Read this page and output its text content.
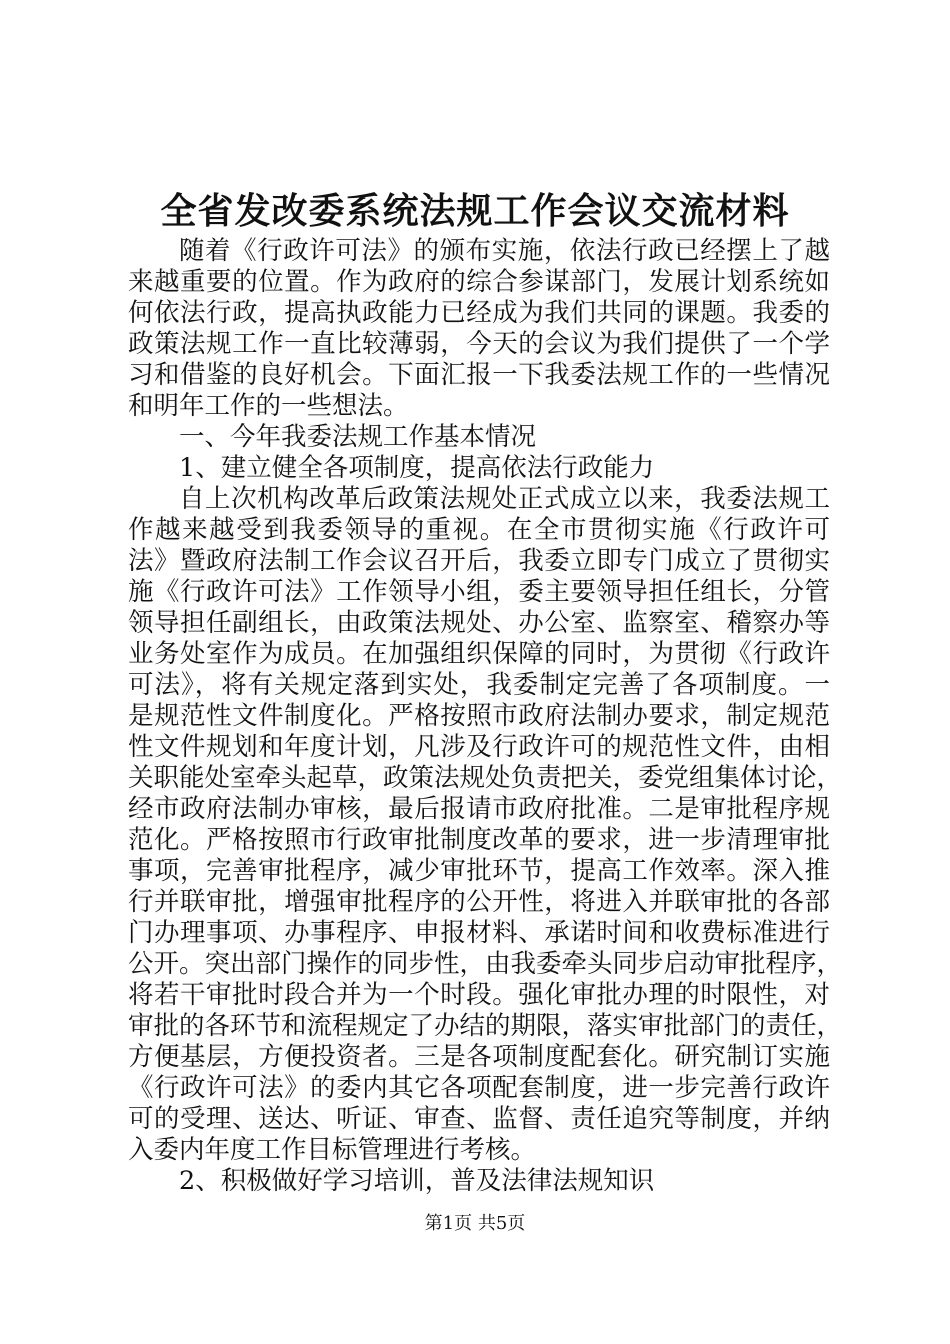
全省发改委系统法规工作会议交流材料
随着《行政许可法》的颁布实施，依法行政已经摆上了越
来越重要的位置。作为政府的综合参谋部门，发展计划系统如
何依法行政，提高执政能力已经成为我们共同的课题。我委的
政策法规工作一直比较薄弱，今天的会议为我们提供了一个学
习和借鉴的良好机会。下面汇报一下我委法规工作的一些情况
和明年工作的一些想法。
一、今年我委法规工作基本情况
1、建立健全各项制度，提高依法行政能力
自上次机构改革后政策法规处正式成立以来，我委法规工
作越来越受到我委领导的重视。在全市贯彻实施《行政许可
法》暨政府法制工作会议召开后，我委立即专门成立了贯彻实
施《行政许可法》工作领导小组，委主要领导担任组长，分管
领导担任副组长，由政策法规处、办公室、监察室、稽察办等
业务处室作为成员。在加强组织保障的同时，为贯彻《行政许
可法》，将有关规定落到实处，我委制定完善了各项制度。一
是规范性文件制度化。严格按照市政府法制办要求，制定规范
性文件规划和年度计划，凡涉及行政许可的规范性文件，由相
关职能处室牵头起草，政策法规处负责把关，委党组集体讨论，
经市政府法制办审核，最后报请市政府批准。二是审批程序规
范化。严格按照市行政审批制度改革的要求，进一步清理审批
事项，完善审批程序，减少审批环节，提高工作效率。深入推
行并联审批，增强审批程序的公开性，将进入并联审批的各部
门办理事项、办事程序、申报材料、承诺时间和收费标准进行
公开。突出部门操作的同步性，由我委牵头同步启动审批程序，
将若干审批时段合并为一个时段。强化审批办理的时限性，对
审批的各环节和流程规定了办结的期限，落实审批部门的责任，
方便基层，方便投资者。三是各项制度配套化。研究制订实施
《行政许可法》的委内其它各项配套制度，进一步完善行政许
可的受理、送达、听证、审查、监督、责任追究等制度，并纳
入委内年度工作目标管理进行考核。
2、积极做好学习培训，普及法律法规知识
第1页 共5页
